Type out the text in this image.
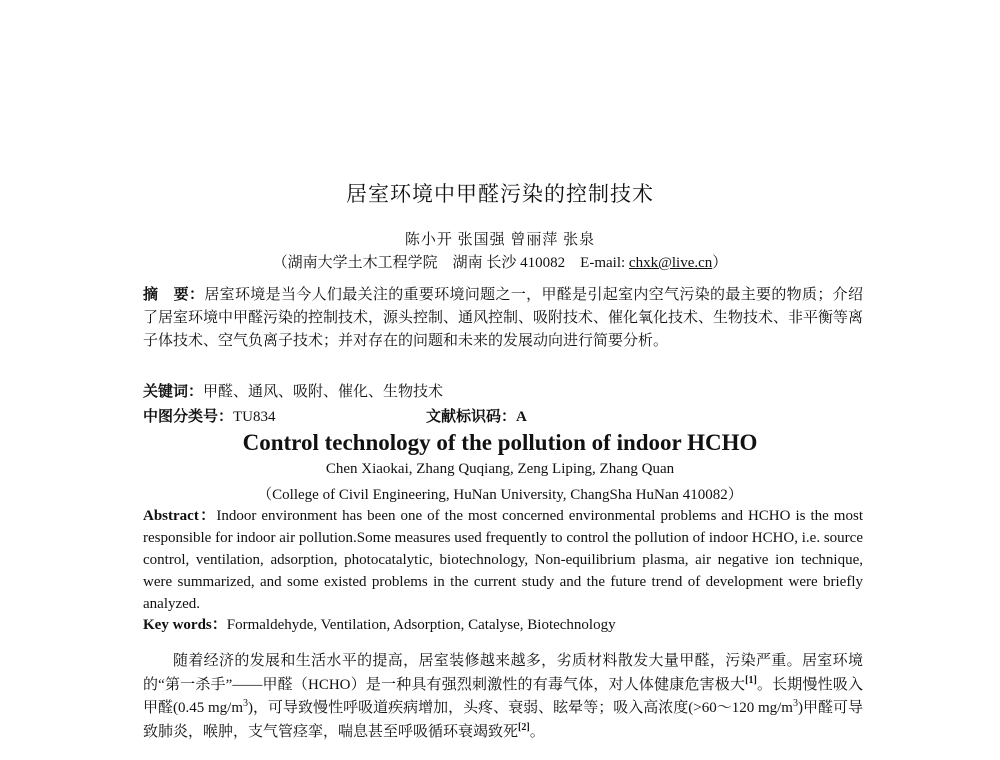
居室环境中甲醛污染的控制技术
陈小开 张国强 曾丽萍 张泉
（湖南大学土木工程学院　湖南 长沙 410082　E-mail: chxk@live.cn）
摘　要：居室环境是当今人们最关注的重要环境问题之一，甲醛是引起室内空气污染的最主要的物质；介绍了居室环境中甲醛污染的控制技术，源头控制、通风控制、吸附技术、催化氧化技术、生物技术、非平衡等离子体技术、空气负离子技术；并对存在的问题和未来的发展动向进行简要分析。
关键词：甲醛、通风、吸附、催化、生物技术
中图分类号：TU834	文献标识码：A
Control technology of the pollution of indoor HCHO
Chen Xiaokai, Zhang Quqiang, Zeng Liping, Zhang Quan
（College of Civil Engineering, HuNan University, ChangSha HuNan 410082）
Abstract：Indoor environment has been one of the most concerned environmental problems and HCHO is the most responsible for indoor air pollution.Some measures used frequently to control the pollution of indoor HCHO, i.e. source control, ventilation, adsorption, photocatalytic, biotechnology, Non-equilibrium plasma, air negative ion technique, were summarized, and some existed problems in the current study and the future trend of development were briefly analyzed.
Key words：Formaldehyde, Ventilation, Adsorption, Catalyse, Biotechnology
随着经济的发展和生活水平的提高，居室装修越来越多，劣质材料散发大量甲醛，污染严重。居室环境的“第一杀手”——甲醛（HCHO）是一种具有强烈刺激性的有毒气体，对人体健康危害极大[1]。长期慢性吸入甲醛(0.45 $mg/m^3$)，可导致慢性呼吸道疾病增加，头疼、衰弱、眩晕等；吸入高浓度(>60～120 $mg/m^3$)甲醛可导致肺炎，喉肿，支气管痉挛，喘息甚至呼吸循环衰竭致死[2]。
